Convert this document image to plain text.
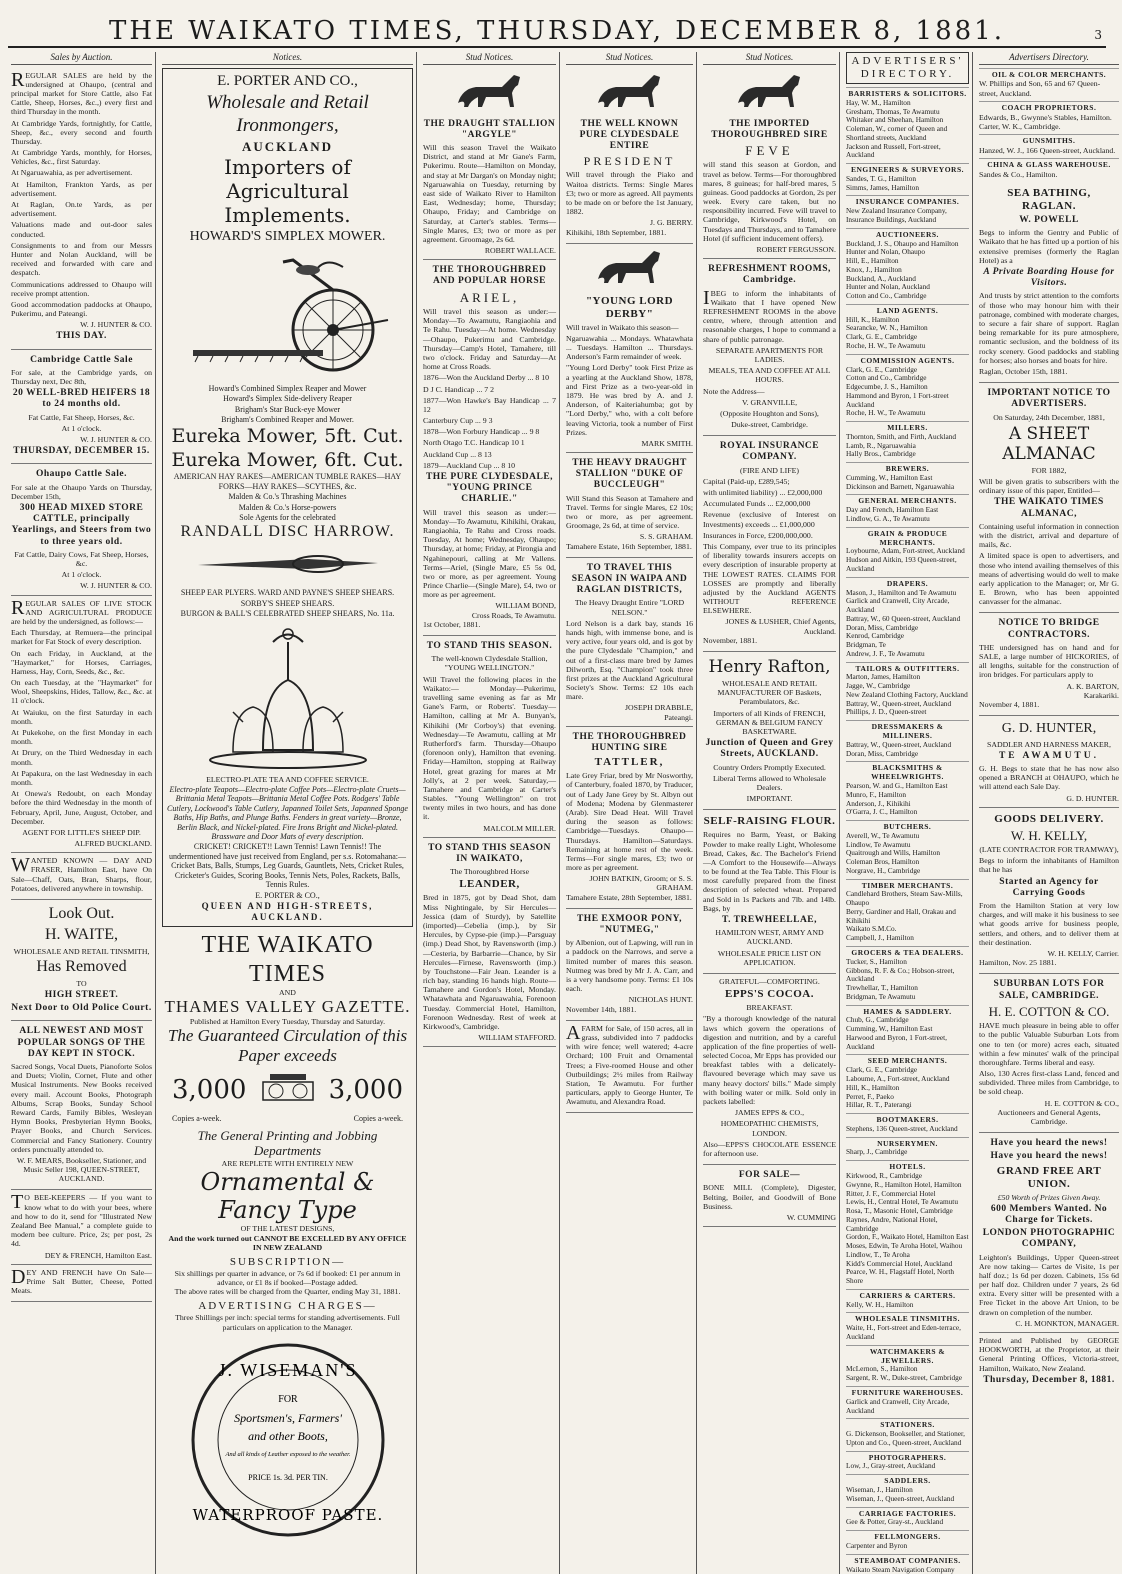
THE WAIKATO TIMES, THURSDAY, DECEMBER 8, 1881.	3
Sales by Auction.

REGULAR SALES are held by the undersigned at Ohaupo, (central and principal market for Store Cattle, also Fat Cattle, Sheep, Horses, &c.,) every first and third Thursday in the month.

At Cambridge Yards, fortnightly, for Cattle, Sheep, &c., every second and fourth Thursday.

At Cambridge Yards, monthly, for Horses, Vehicles, &c., first Saturday.

At Ngaruawahia, as per advertisement.

At Hamilton, Frankton Yards, as per advertisement.

At Raglan, On.te Yards, as per advertisement.

Valuations made and out-door sales conducted.

Consignments to and from our Messrs Hunter and Nolan Auckland, will be received and forwarded with care and despatch.

Communications addressed to Ohaupo will receive prompt attention.

Good accommodation paddocks at Ohaupo, Pukerimu, and Pateangi.

W. J. HUNTER & CO.
THIS DAY.
Cambridge Cattle Sale

For sale, at the Cambridge yards, on Thursday next, Dec 8th,

20 WELL-BRED HEIFERS 18 to 24 months old.

Fat Cattle, Fat Sheep, Horses, &c.

At 1 o'clock.

W. J. HUNTER & CO.
THURSDAY, DECEMBER 15.
Ohaupo Cattle Sale.

For sale at the Ohaupo Yards on Thursday, December 15th,

300 HEAD MIXED STORE CATTLE, principally Yearlings, and Steers from two to three years old.

Fat Cattle, Dairy Cows, Fat Sheep, Horses, &c.

At 1 o'clock.

W. J. HUNTER & CO.

REGULAR SALES OF LIVE STOCK AND AGRICULTURAL PRODUCE are held by the undersigned, as follows:—

Each Thursday, at Remuera—the principal market for Fat Stock of every description.

On each Friday, in Auckland, at the "Haymarket," for Horses, Carriages, Harness, Hay, Corn, Seeds, &c., &c.

On each Tuesday, at the "Haymarket" for Wool, Sheepskins, Hides, Tallow, &c., &c. at 11 o'clock.

At Waiuku, on the first Saturday in each month.

At Pukekohe, on the first Monday in each month.

At Drury, on the Third Wednesday in each month.

At Papakura, on the last Wednesday in each month.

At Onewa's Redoubt, on each Monday before the third Wednesday in the month of February, April, June, August, October, and December.

AGENT FOR LITTLE'S SHEEP DIP.

ALFRED BUCKLAND.

WANTED KNOWN — DAY AND FRASER, Hamilton East, have On Sale—Chaff, Oats, Bran, Sharps, flour, Potatoes, delivered anywhere in township.

Look Out.
H. WAITE,

WHOLESALE AND RETAIL TINSMITH,

Has Removed

TO

HIGH STREET.
Next Door to Old Police Court.
ALL NEWEST AND MOST POPULAR SONGS OF THE DAY KEPT IN STOCK.

Sacred Songs, Vocal Duets, Pianoforte Solos and Duets; Violin, Cornet, Flute and other Musical Instruments. New Books received every mail. Account Books, Photograph Albums, Scrap Books, Sunday School Reward Cards, Family Bibles, Wesleyan Hymn Books, Presbyterian Hymn Books, Prayer Books, and Church Services. Commercial and Fancy Stationery. Country orders punctually attended to.

W. F. MEARS, Bookseller, Stationer, and Music Seller 198, QUEEN-STREET, AUCKLAND.

TO BEE-KEEPERS — If you want to know what to do with your bees, where and how to do it, send for "Illustrated New Zealand Bee Manual," a complete guide to modern bee culture. Price, 2s; per post, 2s 4d.

DEY & FRENCH, Hamilton East.

DEY AND FRENCH have On Sale—Prime Salt Butter, Cheese, Potted Meats.

Notices.
E. PORTER AND CO.,
Wholesale and Retail Ironmongers,
AUCKLAND
Importers of Agricultural Implements.
HOWARD'S SIMPLEX MOWER.
Howard's Combined Simplex Reaper and Mower
Howard's Simplex Side-delivery Reaper
Brigham's Star Buck-eye Mower
Brigham's Combined Reaper and Mower.
Eureka Mower, 5ft. Cut.
Eureka Mower, 6ft. Cut.
AMERICAN HAY RAKES—AMERICAN TUMBLE RAKES—HAY FORKS—HAY RAKES—SCYTHES, &c.
Malden & Co.'s Thrashing Machines
Malden & Co.'s Horse-powers
Sole Agents for the celebrated
RANDALL DISC HARROW.
SHEEP EAR PLYERS. WARD AND PAYNE'S SHEEP SHEARS.
SORBY'S SHEEP SHEARS.
BURGON & BALL'S CELEBRATED SHEEP SHEARS, No. 11a.
ELECTRO-PLATE TEA AND COFFEE SERVICE.
Electro-plate Teapots—Electro-plate Coffee Pots—Electro-plate Cruets—Brittania Metal Teapots—Brittania Metal Coffee Pots. Rodgers' Table Cutlery, Lockwood's Table Cutlery, Japanned Toilet Sets, Japanned Sponge Baths, Hip Baths, and Plunge Baths. Fenders in great variety—Bronze, Berlin Black, and Nickel-plated. Fire Irons Bright and Nickel-plated. Brassware and Door Mats of every description.
CRICKET! CRICKET!! Lawn Tennis! Lawn Tennis!! The undermentioned have just received from England, per s.s. Rotomahana:—Cricket Bats, Balls, Stumps, Leg Guards, Gauntlets, Nets, Cricket Rules, Cricketer's Guides, Scoring Books, Tennis Nets, Poles, Rackets, Balls, Tennis Rules.
E. PORTER & CO.,
QUEEN AND HIGH-STREETS, AUCKLAND.
THE WAIKATO TIMES
AND
THAMES VALLEY GAZETTE.
Published at Hamilton Every Tuesday, Thursday and Saturday.
The Guaranteed Circulation of this Paper exceeds
3,000	3,000
Copies a-week.	Copies a-week.
The General Printing and Jobbing Departments
ARE REPLETE WITH ENTIRELY NEW
Ornamental & Fancy Type
OF THE LATEST DESIGNS,
And the work turned out CANNOT BE EXCELLED BY ANY OFFICE IN NEW ZEALAND
SUBSCRIPTION—
Six shillings per quarter in advance, or 7s 6d if booked: £1 per annum in advance, or £1 8s if booked—Postage added.
The above rates will be charged from the Quarter, ending May 31, 1881.
ADVERTISING CHARGES—
Three Shillings per inch: special terms for standing advertisements. Full particulars on application to the Manager.
J. WISEMAN'S
FOR
Sportsmen's, Farmers'
and other Boots,
And all kinds of Leather exposed to the weather.
PRICE 1s. 3d. PER TIN.
WATERPROOF PASTE.
Stud Notices.
THE DRAUGHT STALLION "ARGYLE"

Will this season Travel the Waikato District, and stand at Mr Gane's Farm, Pukerimu. Route—Hamilton on Monday, and stay at Mr Dargan's on Monday night; Ngaruawahia on Tuesday, returning by east side of Waikato River to Hamilton East, Wednesday; home, Thursday; Ohaupo, Friday; and Cambridge on Saturday, at Carter's stables. Terms—Single Mares, £3; two or more as per agreement. Groomage, 2s 6d.

ROBERT WALLACE.
THE THOROUGHBRED AND POPULAR HORSE
ARIEL,

Will travel this season as under:— Monday—To Awamutu, Rangiaohia and Te Rahu. Tuesday—At home. Wednesday—Ohaupo, Pukerimu and Cambridge. Thursday—Camp's Hotel, Tamahere, till two o'clock. Friday and Saturday—At home at Cross Roads.

1876—Won the Auckland Derby ... 8 10

D J C. Handicap ... 7 2

1877—Won Hawke's Bay Handicap ... 7 12

Canterbury Cup ... 9 3

1878—Won Forbury Handicap ... 9 8

North Otago T.C. Handicap 10 1

Auckland Cup ... 8 13

1879—Auckland Cup ... 8 10

THE PURE CLYDESDALE, "YOUNG PRINCE CHARLIE."

Will travel this season as under:— Monday—To Awamutu, Kihikihi, Orakau, Rangiaohia, Te Rahu and Cross roads. Tuesday, At home; Wednesday, Ohaupo; Thursday, at home; Friday, at Pirongia and Ngahinepouri, calling at Mr Vallens. Terms—Ariel, (Single Mare, £5 5s 0d, two or more, as per agreement. Young Prince Charlie—(Single Mare), £4, two or more as per agreement.

WILLIAM BOND,
Cross Roads, Te Awamutu.

1st October, 1881.

TO STAND THIS SEASON.

The well-known Clydesdale Stallion, "YOUNG WELLINGTON."

Will Travel the following places in the Waikato:— Monday—Pukerimu, travelling same evening as far as Mr Gane's Farm, or Roberts'. Tuesday—Hamilton, calling at Mr A. Bunyan's, Kihikihi (Mr Corboy's) that evening. Wednesday—Te Awamutu, calling at Mr Rutherford's farm. Thursday—Ohaupo (forenoon only), Hamilton that evening. Friday—Hamilton, stopping at Railway Hotel, great grazing for mares at Mr Jolly's, at 2 per week. Saturday,—Tamahere and Cambridge at Carter's Stables. "Young Wellington" on trot twenty miles in two hours, and has done it.

MALCOLM MILLER.
TO STAND THIS SEASON IN WAIKATO,

The Thoroughbred Horse

LEANDER,

Bred in 1875, got by Dead Shot, dam Miss Nightingale, by Sir Hercules—Jessica (dam of Sturdy), by Satellite (imported)—Cebelia (imp.), by Sir Hercules, by Cypse-pie (imp.)—Parsguay (imp.) Dead Shot, by Ravensworth (imp.)—Cesteria, by Barbarrie—Chance, by Sir Hercules—Firnese, Ravensworth (imp.) by Touchstone—Fair Jean. Leander is a rich bay, standing 16 hands high. Route—Tamahere and Gordon's Hotel, Monday. Whatawhata and Ngaruawahia, Forenoon Tuesday. Commercial Hotel, Hamilton, Forenoon Wednesday. Rest of week at Kirkwood's, Cambridge.

WILLIAM STAFFORD.
Stud Notices.
THE WELL KNOWN PURE CLYDESDALE ENTIRE
PRESIDENT

Will travel through the Piako and Waitoa districts. Terms: Single Mares £3; two or more as agreed. All payments to be made on or before the 1st January, 1882.

J. G. BERRY.

Kihikihi, 18th September, 1881.

"YOUNG LORD DERBY"

Will travel in Waikato this season—

Ngaruawahia ... Mondays. Whatawhata ... Tuesdays. Hamilton ... Thursdays. Anderson's Farm remainder of week.

"Young Lord Derby" took First Prize as a yearling at the Auckland Show, 1878, and First Prize as a two-year-old in 1879. He was bred by A. and J. Anderson, of Kaiteriahumba; got by "Lord Derby," who, with a colt before leaving Victoria, took a number of First Prizes.

MARK SMITH.
THE HEAVY DRAUGHT STALLION "DUKE OF BUCCLEUGH"

Will Stand this Season at Tamahere and Travel. Terms for single Mares, £2 10s; two or more, as per agreement. Groomage, 2s 6d, at time of service.

S. S. GRAHAM.

Tamahere Estate, 16th September, 1881.

TO TRAVEL THIS SEASON IN WAIPA AND RAGLAN DISTRICTS,

The Heavy Draught Entire "LORD NELSON."

Lord Nelson is a dark bay, stands 16 hands high, with immense bone, and is very active, four years old, and is got by the pure Clydesdale "Champion," and out of a first-class mare bred by James Dilworth, Esq. "Champion" took three first prizes at the Auckland Agricultural Society's Show. Terms: £2 10s each mare.

JOSEPH DRABBLE,
Pateangi.
THE THOROUGHBRED HUNTING SIRE
TATTLER,

Late Grey Friar, bred by Mr Nosworthy, of Canterbury, foaled 1870, by Traducer, out of Lady Jane Grey by St. Albyn out of Modena; Modena by Glenmasterer (Arab). Sire Dead Heat. Will Travel during the season as follows: Cambridge—Tuesdays. Ohaupo—Thursdays. Hamilton—Saturdays. Remaining at home rest of the week. Terms—For single mares, £3; two or more as per agreement.

JOHN BATKIN, Groom; or S. S. GRAHAM.

Tamahere Estate, 28th September, 1881.

THE EXMOOR PONY, "NUTMEG,"

by Albenion, out of Lapwing, will run in a paddock on the Narrows, and serve a limited number of mares this season. Nutmeg was bred by Mr J. A. Carr, and is a very handsome pony. Terms: £1 10s each.

NICHOLAS HUNT.

November 14th, 1881.

AFARM for Sale, of 150 acres, all in grass, subdivided into 7 paddocks with wire fence; well watered; 4-acre Orchard; 100 Fruit and Ornamental Trees; a Five-roomed House and other Outbuildings; 2½ miles from Railway Station, Te Awamutu. For further particulars, apply to George Hunter, Te Awamutu, and Alexandra Road.

Stud Notices.
THE IMPORTED THOROUGHBRED SIRE
FEVE

will stand this season at Gordon, and travel as below. Terms—For thoroughbred mares, 8 guineas; for half-bred mares, 5 guineas. Good paddocks at Gordon, 2s per week. Every care taken, but no responsibility incurred. Feve will travel to Cambridge, Kirkwood's Hotel, on Tuesdays and Thursdays, and to Tamahere Hotel (if sufficient inducement offers).

ROBERT FERGUSSON.
REFRESHMENT ROOMS, Cambridge.

IBEG to inform the inhabitants of Waikato that I have opened New REFRESHMENT ROOMS in the above centre, where, through attention and reasonable charges, I hope to command a share of public patronage.

SEPARATE APARTMENTS FOR LADIES.

MEALS, TEA AND COFFEE AT ALL HOURS.

Note the Address—

V. GRANVILLE,

(Opposite Houghton and Sons),

Duke-street, Cambridge.

ROYAL INSURANCE COMPANY.

(FIRE AND LIFE)

Capital (Paid-up, £289,545;

with unlimited liability) ... £2,000,000

Accumulated Funds ... £2,000,000

Revenue (exclusive of Interest on Investments) exceeds ... £1,000,000

Insurances in Force, £200,000,000.

This Company, ever true to its principles of liberality towards insurers accepts on every description of insurable property at THE LOWEST RATES. CLAIMS FOR LOSSES are promptly and liberally adjusted by the Auckland AGENTS WITHOUT REFERENCE ELSEWHERE.

JONES & LUSHER, Chief Agents, Auckland.

November, 1881.

Henry Rafton,

WHOLESALE AND RETAIL MANUFACTURER OF Baskets, Perambulators, &c.

Importers of all Kinds of FRENCH, GERMAN & BELGIUM FANCY BASKETWARE.

Junction of Queen and Grey Streets, AUCKLAND.

Country Orders Promptly Executed.

Liberal Terms allowed to Wholesale Dealers.

IMPORTANT.

SELF-RAISING FLOUR.

Requires no Barm, Yeast, or Baking Powder to make really Light, Wholesome Bread, Cakes, &c. The Bachelor's Friend—A Comfort to the Housewife—Always to be found at the Tea Table. This Flour is most carefully prepared from the finest description of selected wheat. Prepared and Sold in 1s Packets and 7lb. and 14lb. Bags, by

T. TREWHEELLAE,

HAMILTON WEST, ARMY AND AUCKLAND.

WHOLESALE PRICE LIST ON APPLICATION.

GRATEFUL—COMFORTING.

EPPS'S COCOA.

BREAKFAST.

"By a thorough knowledge of the natural laws which govern the operations of digestion and nutrition, and by a careful application of the fine properties of well-selected Cocoa, Mr Epps has provided our breakfast tables with a delicately-flavoured beverage which may save us many heavy doctors' bills." Made simply with boiling water or milk. Sold only in packets labelled:

JAMES EPPS & CO.,

HOMEOPATHIC CHEMISTS, LONDON.

Also—EPPS'S CHOCOLATE ESSENCE for afternoon use.

FOR SALE—

BONE MILL (Complete), Digester, Belting, Boiler, and Goodwill of Bone Business.

W. CUMMING
ADVERTISERS' DIRECTORY.
BARRISTERS & SOLICITORS.
Hay, W. M., Hamilton
Gresham, Thomas, Te Awamutu
Whitaker and Sheehan, Hamilton
Coleman, W., corner of Queen and Shortland streets, Auckland
Jackson and Russell, Fort-street, Auckland
ENGINEERS & SURVEYORS.
Sandes, T. G., Hamilton
Simms, James, Hamilton
INSURANCE COMPANIES.
New Zealand Insurance Company, Insurance Buildings, Auckland
AUCTIONEERS.
Buckland, J. S., Ohaupo and Hamilton
Hunter and Nolan, Ohaupo
Hill, E., Hamilton
Knox, J., Hamilton
Buckland, A., Auckland
Hunter and Nolan, Auckland
Cotton and Co., Cambridge
LAND AGENTS.
Hill, K., Hamilton
Searancke, W. N., Hamilton
Clark, G. E., Cambridge
Roche, H. W., Te Awamutu
COMMISSION AGENTS.
Clark, G. E., Cambridge
Cotton and Co., Cambridge
Edgecumbe, J. S., Hamilton
Hammond and Byron, 1 Fort-street Auckland
Roche, H. W., Te Awamutu
MILLERS.
Thornton, Smith, and Firth, Auckland
Lamb, R., Ngaruawahia
Hally Bros., Cambridge
BREWERS.
Cumming, W., Hamilton East
Dickinson and Barnett, Ngaruawahia
GENERAL MERCHANTS.
Day and French, Hamilton East
Lindlow, G. A., Te Awamutu
GRAIN & PRODUCE MERCHANTS.
Loybourne, Adam, Fort-street, Auckland
Hudson and Aitkin, 193 Queen-street, Auckland
DRAPERS.
Mason, J., Hamilton and Te Awamutu
Garlick and Cranwell, City Arcade, Auckland
Battray, W., 60 Queen-street, Auckland
Doran, Miss, Cambridge
Kenrod, Cambridge
Bridgman, Te
Andrew, J. F., Te Awamutu
TAILORS & OUTFITTERS.
Marton, James, Hamilton
Jagge, W., Cambridge
New Zealand Clothing Factory, Auckland
Battray, W., Queen-street, Auckland
Phillips, J. D., Queen-street
DRESSMAKERS & MILLINERS.
Battray, W., Queen-street, Auckland
Doran, Miss, Cambridge
BLACKSMITHS & WHEELWRIGHTS.
Pearson, W. and G., Hamilton East
Munro, F., Hamilton
Anderson, J., Kihikihi
O'Garra, J. C., Hamilton
BUTCHERS.
Averell, W., Te Awamutu
Lindlow, Te Awamutu
Quaitrough and Wills, Hamilton
Coleman Bros, Hamilton
Norgrave, H., Cambridge
TIMBER MERCHANTS.
Candlehard Brothers, Steam Saw-Mills, Ohaupo
Berry, Gardiner and Hall, Orakau and Kihikihi
Waikato S.M.Co.
Campbell, J., Hamilton
GROCERS & TEA DEALERS.
Tucker, S., Hamilton
Gibbons, R. F. & Co.; Hobson-street, Auckland
Trewhellar, T., Hamilton
Bridgman, Te Awamutu
HAMES & SADDLERY.
Chub, G., Cambridge
Cumming, W., Hamilton East
Harwood and Byron, 1 Fort-street, Auckland
SEED MERCHANTS.
Clark, G. E., Cambridge
Laboume, A., Fort-street, Auckland
Hill, K., Hamilton
Perret, F., Paeko
Hillar, R. T., Paterangi
BOOTMAKERS.
Stephens, 136 Queen-street, Auckland
NURSERYMEN.
Sharp, J., Cambridge
HOTELS.
Kirkwood, R., Cambridge
Gwynne, R., Hamilton Hotel, Hamilton
Ritter, J. F., Commercial Hotel
Lewis, H., Central Hotel, Te Awamutu
Rosa, T., Masonic Hotel, Cambridge
Raynes, Andre, National Hotel, Cambridge
Gordon, F., Waikato Hotel, Hamilton East
Moses, Edwin, Te Aroha Hotel, Waihou
Lindlow, T., Te Aroha
Kidd's Commercial Hotel, Auckland
Pearce, W. H., Flagstaff Hotel, North Shore
CARRIERS & CARTERS.
Kelly, W. H., Hamilton
WHOLESALE TINSMITHS.
Waite, H., Fort-street and Eden-terrace, Auckland
WATCHMAKERS & JEWELLERS.
McLernon, S., Hamilton
Sargent, R. W., Duke-street, Cambridge
FURNITURE WAREHOUSES.
Garlick and Cranwell, City Arcade, Auckland
STATIONERS.
G. Dickenson, Bookseller, and Stationer, Upton and Co., Queen-street, Auckland
PHOTOGRAPHERS.
Low, J., Gray-street, Auckland
SADDLERS.
Wiseman, J., Hamilton
Wiseman, J., Queen-street, Auckland
CARRIAGE FACTORIES.
Gee & Potter, Gray-st., Auckland
FELLMONGERS.
Carpenter and Byron
STEAMBOAT COMPANIES.
Waikato Steam Navigation Company
Advertisers Directory.
OIL & COLOR MERCHANTS.

W. Phillips and Son, 65 and 67 Queen-street, Auckland.

COACH PROPRIETORS.

Edwards, B., Gwynne's Stables, Hamilton. Carter, W. K., Cambridge.

GUNSMITHS.

Hanzed, W. J., 166 Queen-street, Auckland.

CHINA & GLASS WAREHOUSE.

Sandes & Co., Hamilton.

SEA BATHING, RAGLAN.
W. POWELL

Begs to inform the Gentry and Public of Waikato that he has fitted up a portion of his extensive premises (formerly the Raglan Hotel) as a

A Private Boarding House for Visitors.

And trusts by strict attention to the comforts of those who may honour him with their patronage, combined with moderate charges, to secure a fair share of support. Raglan being remarkable for its pure atmosphere, romantic seclusion, and the boldness of its rocky scenery. Good paddocks and stabling for horses; also horses and boats for hire.

Raglan, October 15th, 1881.

IMPORTANT NOTICE TO ADVERTISERS.

On Saturday, 24th December, 1881,

A SHEET ALMANAC

FOR 1882,

Will be given gratis to subscribers with the ordinary issue of this paper, Entitled—

THE WAIKATO TIMES ALMANAC,

Containing useful information in connection with the district, arrival and departure of mails, &c.

A limited space is open to advertisers, and those who intend availing themselves of this means of advertising would do well to make early application to the Manager; or, Mr G. E. Brown, who has been appointed canvasser for the almanac.

NOTICE TO BRIDGE CONTRACTORS.

THE undersigned has on hand and for SALE, a large number of HICKORIES, of all lengths, suitable for the construction of iron bridges. For particulars apply to

A. K. BARTON,
Karakariki.

November 4, 1881.

G. D. HUNTER,

SADDLER AND HARNESS MAKER,

TE AWAMUTU.

G. H. Begs to state that he has now also opened a BRANCH at OHAUPO, which he will attend each Sale Day.

G. D. HUNTER.
GOODS DELIVERY.
W. H. KELLY,

(LATE CONTRACTOR FOR TRAMWAY),

Begs to inform the inhabitants of Hamilton that he has

Started an Agency for Carrying Goods

From the Hamilton Station at very low charges, and will make it his business to see what goods arrive for business people, settlers, and others, and to deliver them at their destination.

W. H. KELLY, Carrier.

Hamilton, Nov. 25 1881.

SUBURBAN LOTS FOR SALE, CAMBRIDGE.
H. E. COTTON & CO.

HAVE much pleasure in being able to offer to the public Valuable Suburban Lots from one to ten (or more) acres each, situated within a few minutes' walk of the principal thoroughfare. Terms liberal and easy.

Also, 130 Acres first-class Land, fenced and subdivided. Three miles from Cambridge, to be sold cheap.

H. E. COTTON & CO.,

Auctioneers and General Agents, Cambridge.

Have you heard the news!
Have you heard the news!
GRAND FREE ART UNION.

£50 Worth of Prizes Given Away.

600 Members Wanted. No Charge for Tickets.
LONDON PHOTOGRAPHIC COMPANY,

Leighton's Buildings, Upper Queen-street Are now taking— Cartes de Visite, 1s per half doz.; 1s 6d per dozen. Cabinets, 15s 6d per half doz. Children under 7 years, 2s 6d extra. Every sitter will be presented with a Free Ticket in the above Art Union, to be drawn on completion of the number.

C. H. MONKTON, MANAGER.

Printed and Published by GEORGE HOOKWORTH, at the Proprietor, at their General Printing Offices, Victoria-street, Hamilton, Waikato, New Zealand.

Thursday, December 8, 1881.
